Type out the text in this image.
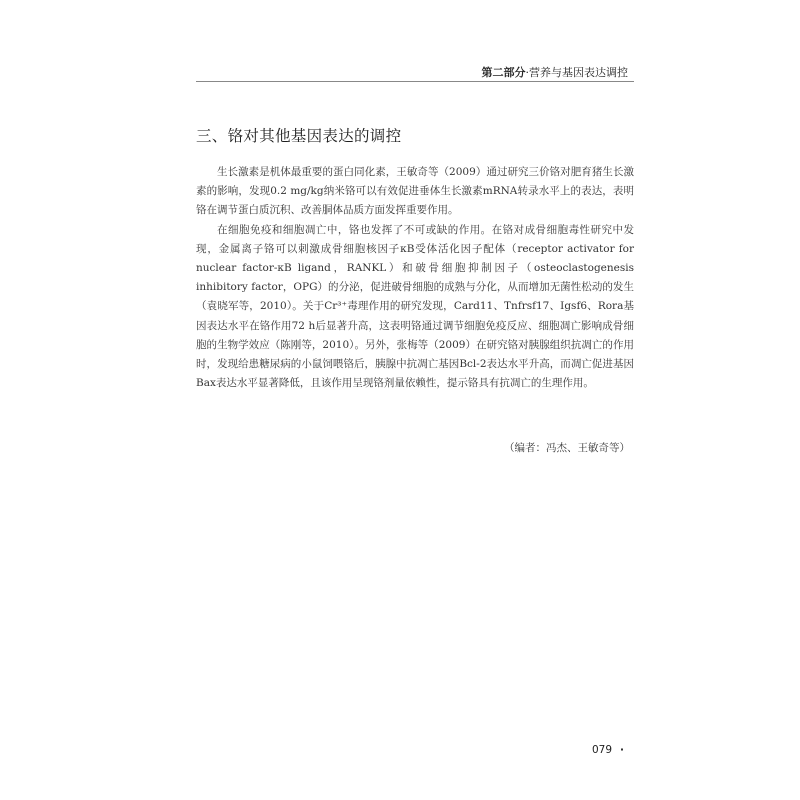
第二部分·营养与基因表达调控
三、铬对其他基因表达的调控

生长激素是机体最重要的蛋白同化素，王敏奇等（2009）通过研究三价铬对肥育猪生长激素的影响，发现0.2 mg/kg纳米铬可以有效促进垂体生长激素mRNA转录水平上的表达，表明铬在调节蛋白质沉积、改善胴体品质方面发挥重要作用。

在细胞免疫和细胞凋亡中，铬也发挥了不可或缺的作用。在铬对成骨细胞毒性研究中发现，金属离子铬可以刺激成骨细胞核因子κB受体活化因子配体（receptor activator for nuclear factor-κB ligand，RANKL）和破骨细胞抑制因子（osteoclastogenesis inhibitory factor，OPG）的分泌，促进破骨细胞的成熟与分化，从而增加无菌性松动的发生（袁晓军等，2010）。关于Cr³⁺毒理作用的研究发现，Card11、Tnfrsf17、Igsf6、Rora基因表达水平在铬作用72 h后显著升高，这表明铬通过调节细胞免疫反应、细胞凋亡影响成骨细胞的生物学效应（陈刚等，2010）。另外，张梅等（2009）在研究铬对胰腺组织抗凋亡的作用时，发现给患糖尿病的小鼠饲喂铬后，胰腺中抗凋亡基因Bcl-2表达水平升高，而凋亡促进基因Bax表达水平显著降低，且该作用呈现铬剂量依赖性，提示铬具有抗凋亡的生理作用。

（编者：冯杰、王敏奇等）
079 ·
